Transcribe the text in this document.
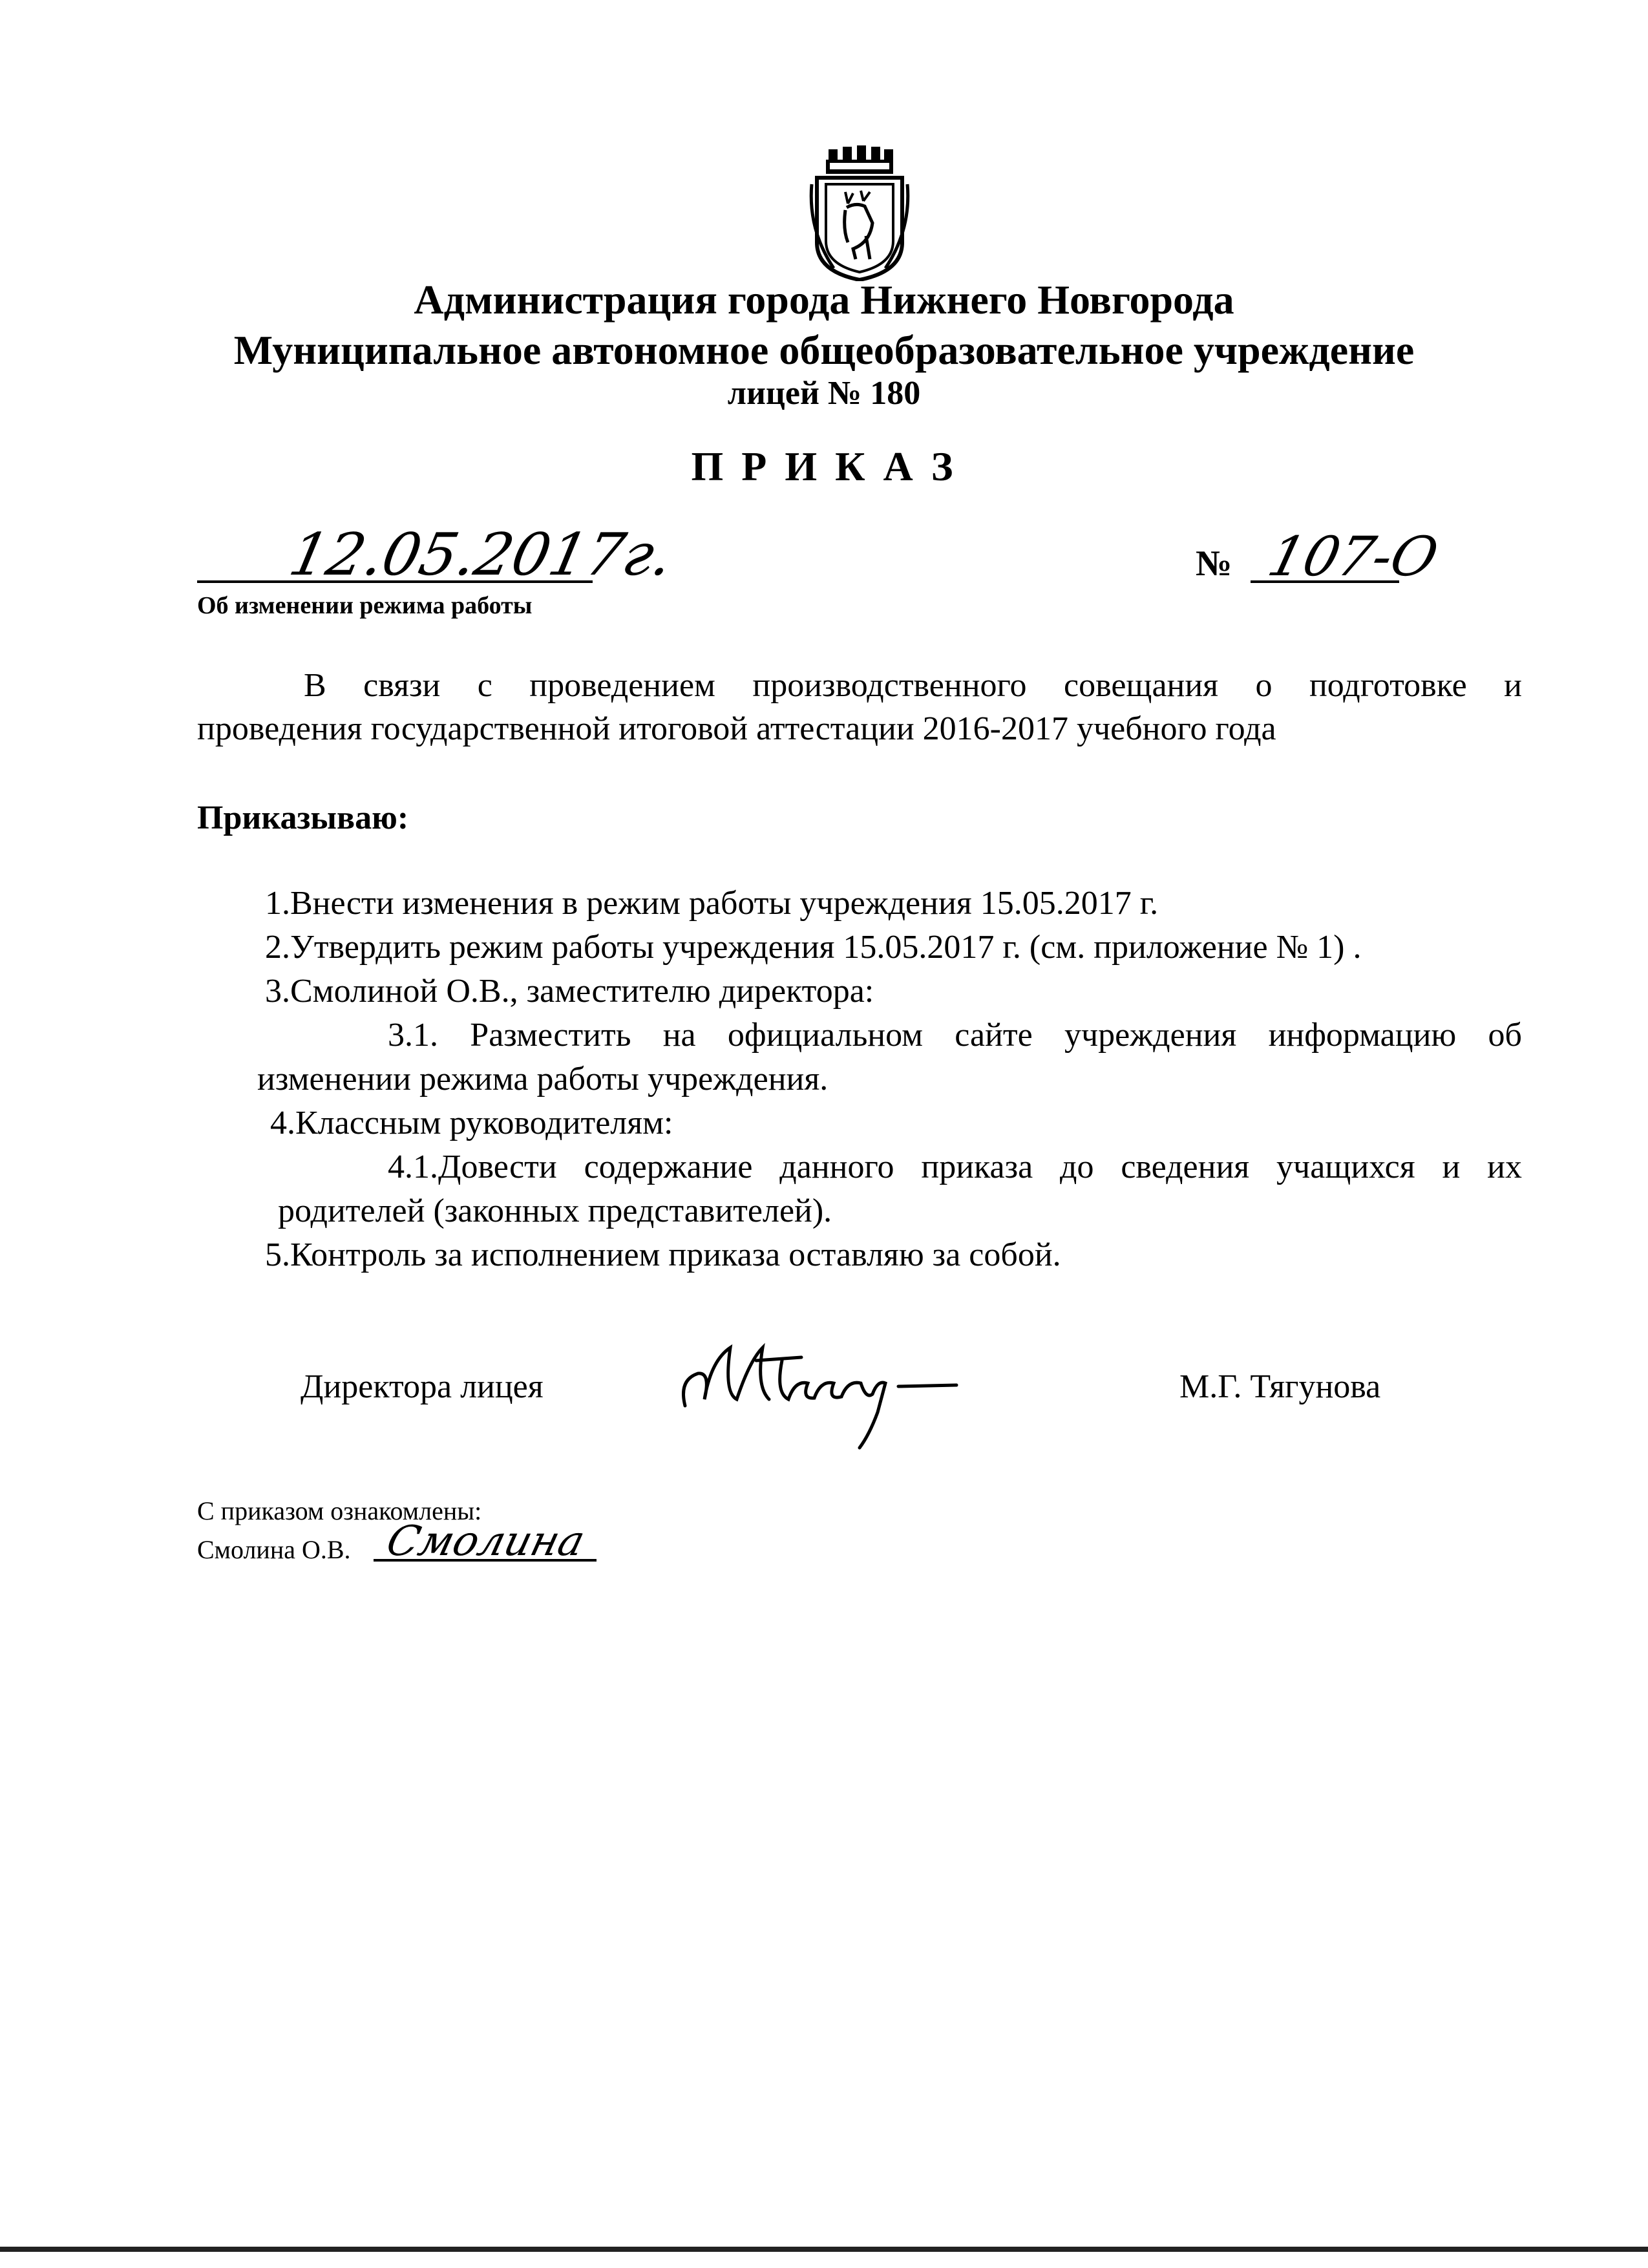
Администрация города Нижнего Новгорода
Муниципальное автономное общеобразовательное учреждение
лицей № 180
П Р И К А З
12.05.2017г.	№ 107-О
Об изменении режима работы
В связи с проведением производственного совещания о подготовке и
проведения государственной итоговой аттестации 2016-2017 учебного года
Приказываю:
1.Внести изменения в режим работы учреждения 15.05.2017 г.
2.Утвердить режим работы учреждения 15.05.2017 г. (см. приложение № 1) .
3.Смолиной О.В., заместителю директора:
3.1. Разместить на официальном сайте учреждения информацию об
изменении режима работы учреждения.
4.Классным руководителям:
4.1.Довести содержание данного приказа до сведения учащихся и их
родителей (законных представителей).
5.Контроль за исполнением приказа оставляю за собой.
Директора лицея	М.Г. Тягунова
С приказом ознакомлены:
Смолина О.В. Смолина
